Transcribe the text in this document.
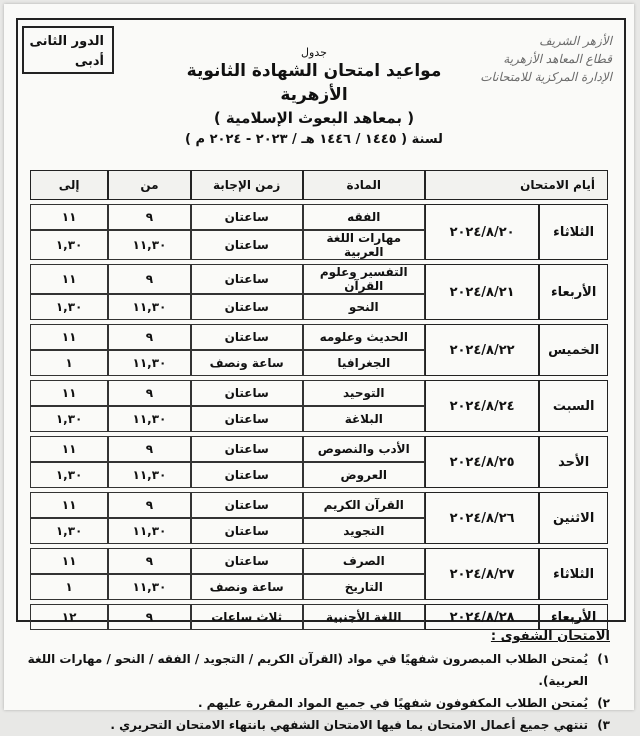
الدور الثانى
أدبى
الأزهر الشريف
قطاع المعاهد الأزهرية
الإدارة المركزية للامتحانات
جدول
مواعيد امتحان الشهادة الثانوية الأزهرية
( بمعاهد البعوث الإسلامية )
لسنة ( ١٤٤٥ / ١٤٤٦ هـ / ٢٠٢٣ - ٢٠٢٤ م )
أيام الامتحان		المادة	زمن الإجابة	من	إلى

الثلاثاء	٢٠٢٤/٨/٢٠	الفقه	ساعتان	٩	١١
		مهارات اللغة العربية	ساعتان	١١,٣٠	١,٣٠

الأربعاء	٢٠٢٤/٨/٢١	التفسير وعلوم القرآن	ساعتان	٩	١١
		النحو	ساعتان	١١,٣٠	١,٣٠

الخميس	٢٠٢٤/٨/٢٢	الحديث وعلومه	ساعتان	٩	١١
		الجغرافيا	ساعة ونصف	١١,٣٠	١

السبت	٢٠٢٤/٨/٢٤	التوحيد	ساعتان	٩	١١
		البلاغة	ساعتان	١١,٣٠	١,٣٠

الأحد	٢٠٢٤/٨/٢٥	الأدب والنصوص	ساعتان	٩	١١
		العروض	ساعتان	١١,٣٠	١,٣٠

الاثنين	٢٠٢٤/٨/٢٦	القرآن الكريم	ساعتان	٩	١١
		التجويد	ساعتان	١١,٣٠	١,٣٠

الثلاثاء	٢٠٢٤/٨/٢٧	الصرف	ساعتان	٩	١١
		التاريخ	ساعة ونصف	١١,٣٠	١

الأربعاء	٢٠٢٤/٨/٢٨	اللغة الأجنبية	ثلاث ساعات	٩	١٢
الامتحان الشفوى :
١)
يُمتحن الطلاب المبصرون شفهيًا في مواد (القرآن الكريم / التجويد / الفقه / النحو / مهارات اللغة العربية).
٢)
يُمتحن الطلاب المكفوفون شفهيًا في جميع المواد المقررة عليهم .
٣)
تنتهي جميع أعمال الامتحان بما فيها الامتحان الشفهي بانتهاء الامتحان التحريري .
